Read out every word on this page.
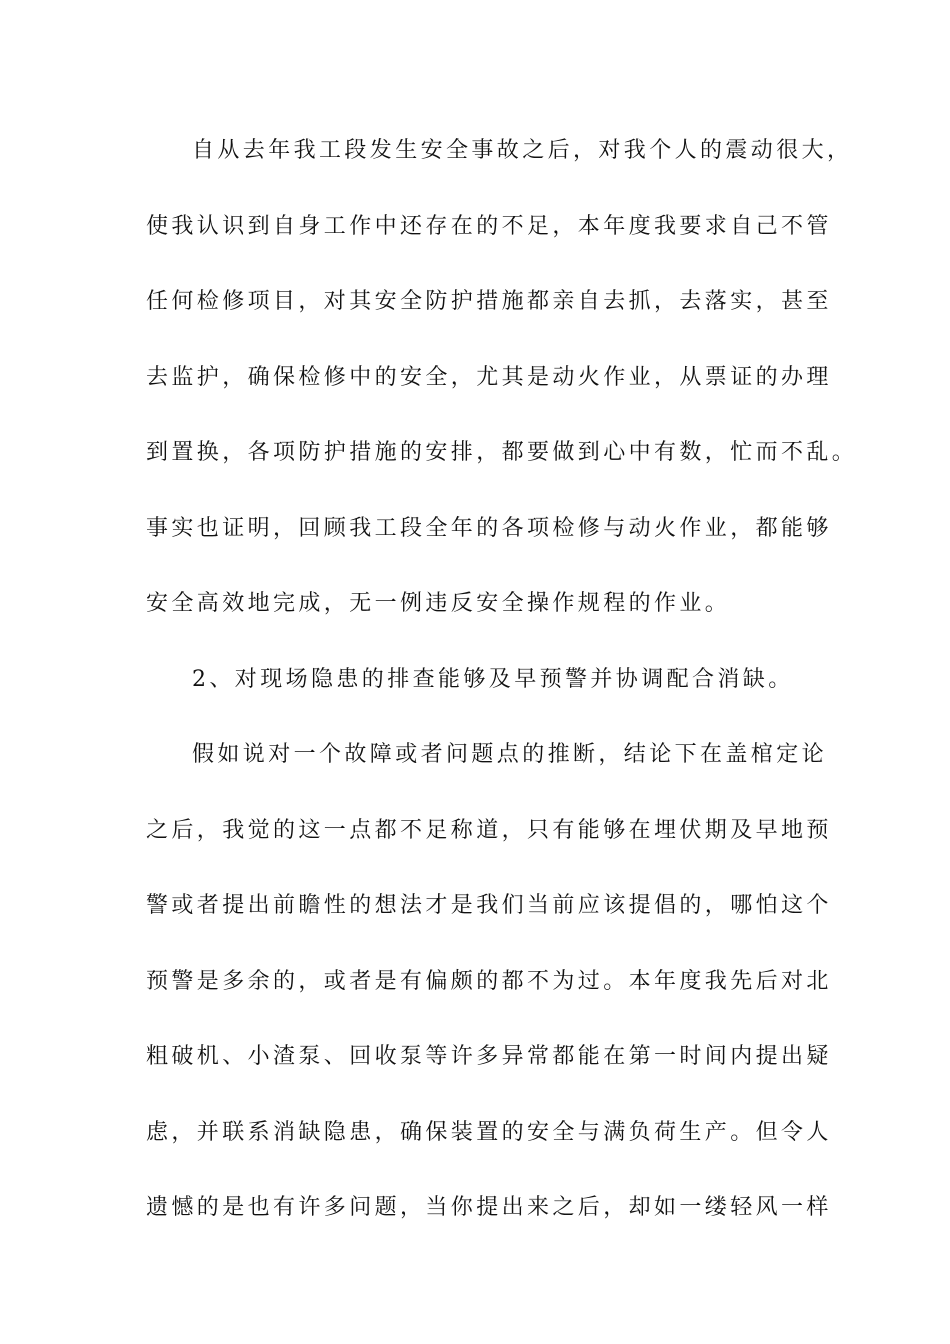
自从去年我工段发生安全事故之后，对我个人的震动很大，
使我认识到自身工作中还存在的不足，本年度我要求自己不管
任何检修项目，对其安全防护措施都亲自去抓，去落实，甚至
去监护，确保检修中的安全，尤其是动火作业，从票证的办理
到置换，各项防护措施的安排，都要做到心中有数，忙而不乱。
事实也证明，回顾我工段全年的各项检修与动火作业，都能够
安全高效地完成，无一例违反安全操作规程的作业。
2、对现场隐患的排查能够及早预警并协调配合消缺。
假如说对一个故障或者问题点的推断，结论下在盖棺定论
之后，我觉的这一点都不足称道，只有能够在埋伏期及早地预
警或者提出前瞻性的想法才是我们当前应该提倡的，哪怕这个
预警是多余的，或者是有偏颇的都不为过。本年度我先后对北
粗破机、小渣泵、回收泵等许多异常都能在第一时间内提出疑
虑，并联系消缺隐患，确保装置的安全与满负荷生产。但令人
遗憾的是也有许多问题，当你提出来之后，却如一缕轻风一样
